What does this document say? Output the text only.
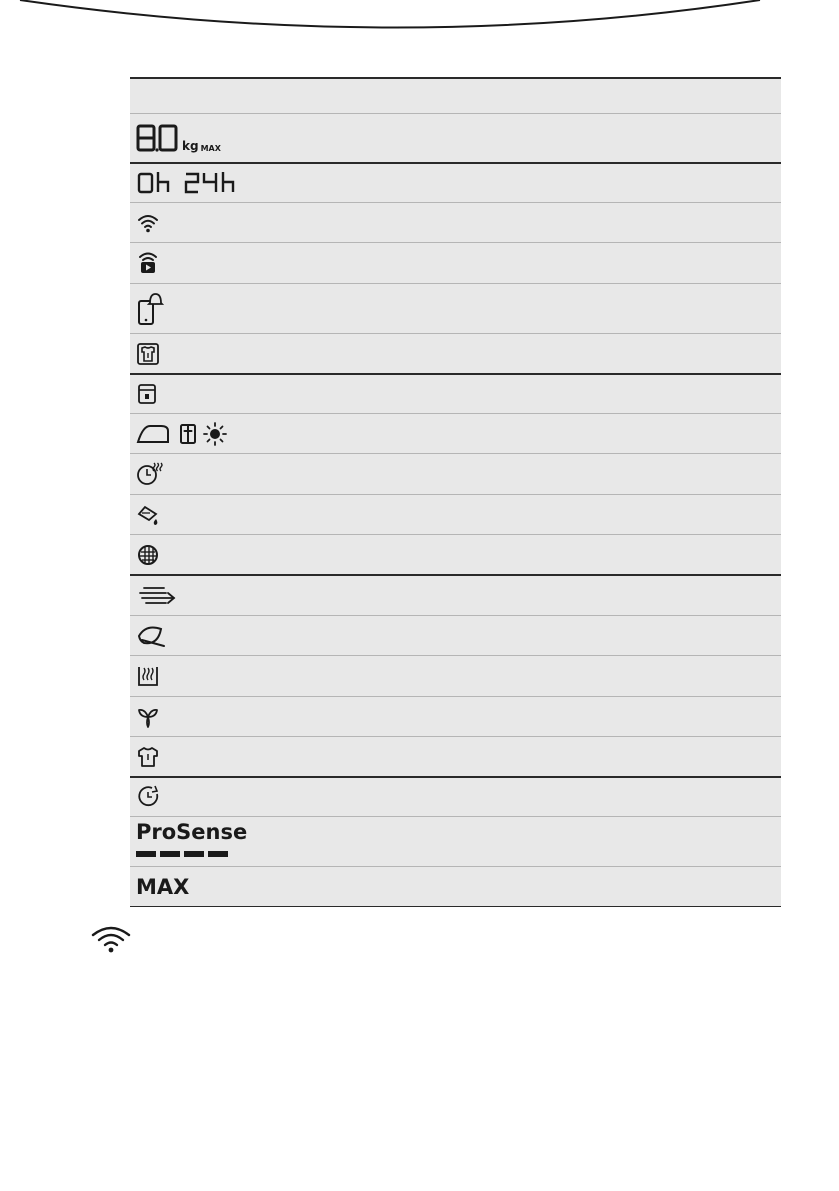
kg MAX
ProSense
MAX
